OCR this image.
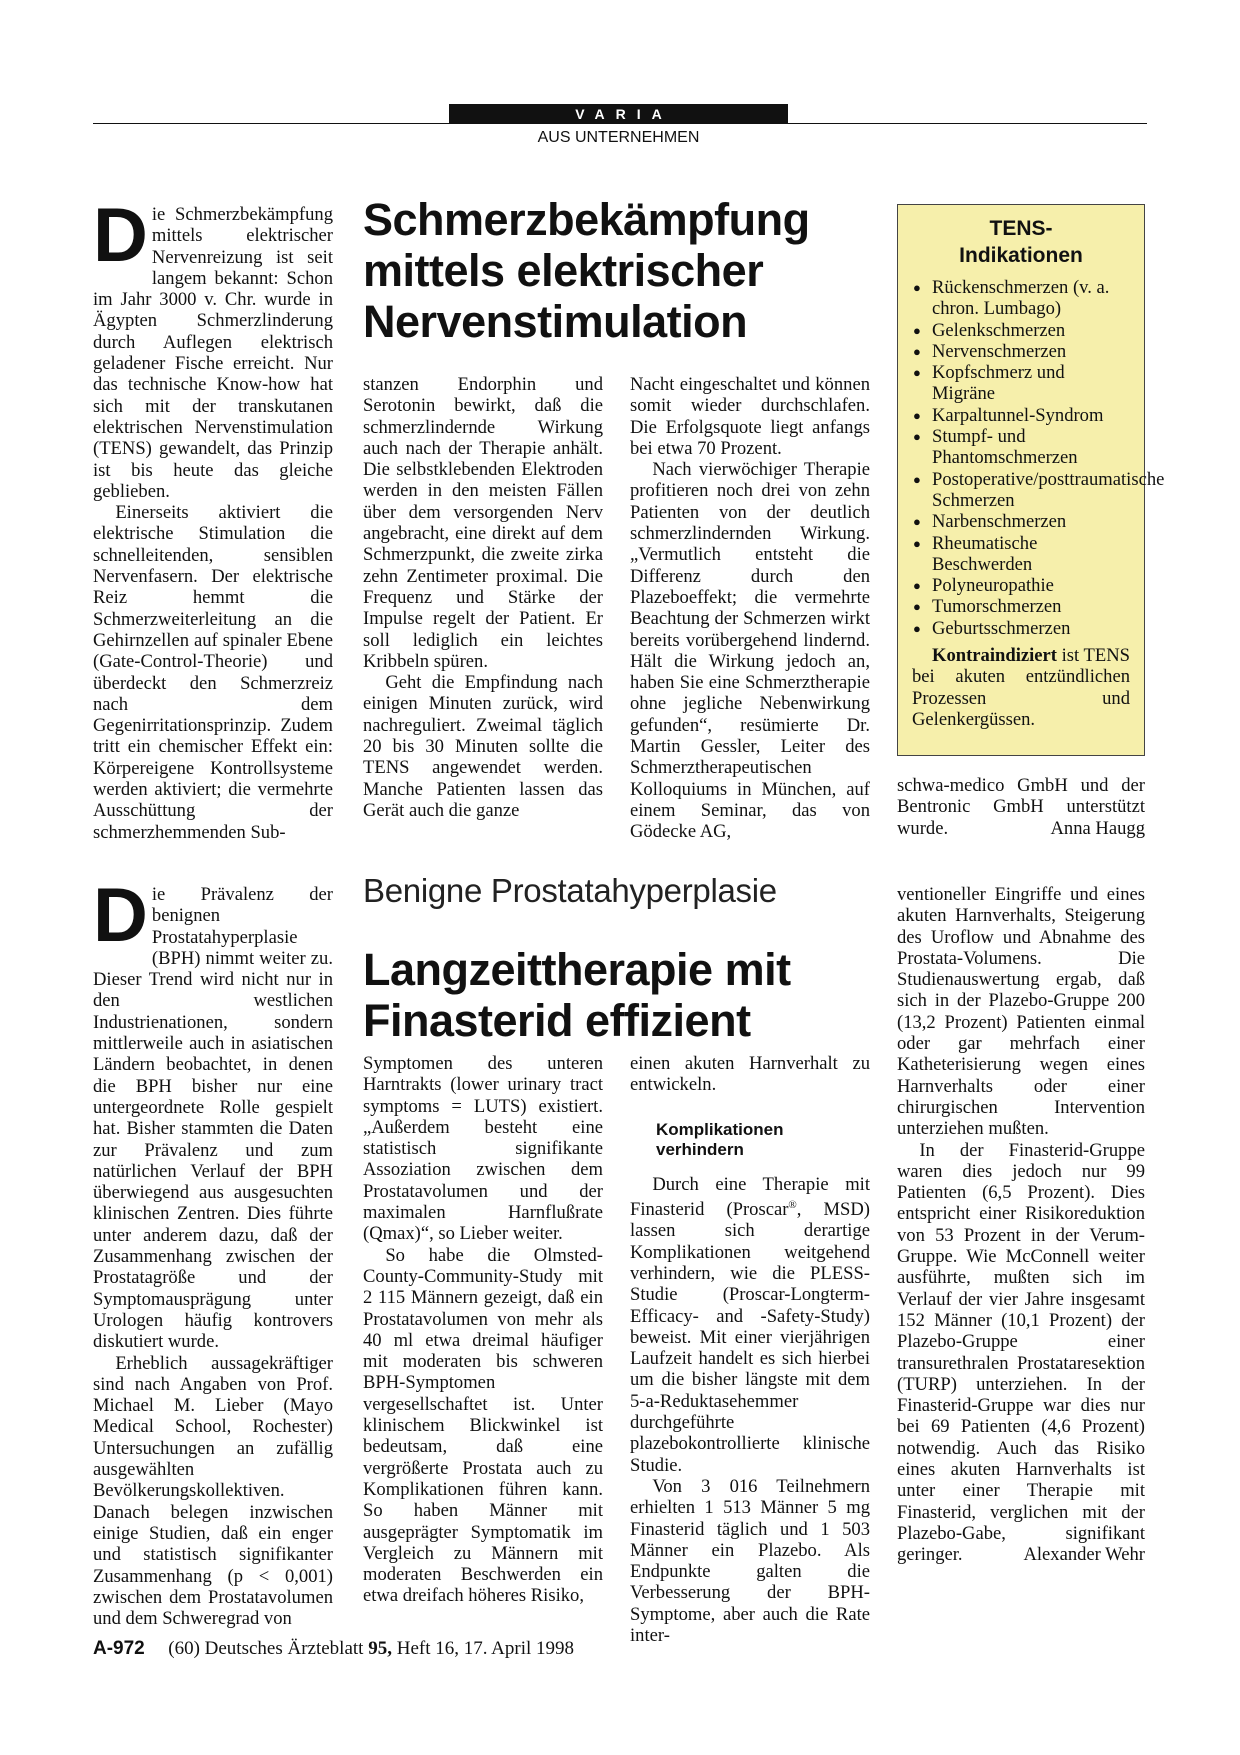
VARIA
AUS UNTERNEHMEN

Die Schmerzbekämpfung mittels elektrischer Nervenreizung ist seit langem bekannt: Schon im Jahr 3000 v. Chr. wurde in Ägypten Schmerzlinderung durch Auflegen elektrisch geladener Fische erreicht. Nur das technische Know-how hat sich mit der transkutanen elektrischen Nervenstimulation (TENS) gewandelt, das Prinzip ist bis heute das gleiche geblieben.

Einerseits aktiviert die elektrische Stimulation die schnelleitenden, sensiblen Nervenfasern. Der elektrische Reiz hemmt die Schmerzweiterleitung an die Gehirnzellen auf spinaler Ebene (Gate-Control-Theorie) und überdeckt den Schmerzreiz nach dem Gegenirritationsprinzip. Zudem tritt ein chemischer Effekt ein: Körpereigene Kontrollsysteme werden aktiviert; die vermehrte Ausschüttung der schmerzhemmenden Sub-

Schmerzbekämpfung
mittels elektrischer
Nervenstimulation

stanzen Endorphin und Serotonin bewirkt, daß die schmerzlindernde Wirkung auch nach der Therapie anhält. Die selbstklebenden Elektroden werden in den meisten Fällen über dem versorgenden Nerv angebracht, eine direkt auf dem Schmerzpunkt, die zweite zirka zehn Zentimeter proximal. Die Frequenz und Stärke der Impulse regelt der Patient. Er soll lediglich ein leichtes Kribbeln spüren.

Geht die Empfindung nach einigen Minuten zurück, wird nachreguliert. Zweimal täglich 20 bis 30 Minuten sollte die TENS angewendet werden. Manche Patienten lassen das Gerät auch die ganze

Nacht eingeschaltet und können somit wieder durchschlafen. Die Erfolgsquote liegt anfangs bei etwa 70 Prozent.

Nach vierwöchiger Therapie profitieren noch drei von zehn Patienten von der deutlich schmerzlindernden Wirkung. „Vermutlich entsteht die Differenz durch den Plazeboeffekt; die vermehrte Beachtung der Schmerzen wirkt bereits vorübergehend lindernd. Hält die Wirkung jedoch an, haben Sie eine Schmerztherapie ohne jegliche Nebenwirkung gefunden“, resümierte Dr. Martin Gessler, Leiter des Schmerztherapeutischen Kolloquiums in München, auf einem Seminar, das von Gödecke AG,

TENS-
Indikationen
● Rückenschmerzen (v. a. chron. Lumbago)
● Gelenkschmerzen
● Nervenschmerzen
● Kopfschmerz und Migräne
● Karpaltunnel-Syndrom
● Stumpf- und Phantomschmerzen
● Postoperative/posttraumatische Schmerzen
● Narbenschmerzen
● Rheumatische Beschwerden
● Polyneuropathie
● Tumorschmerzen
● Geburtsschmerzen
Kontraindiziert ist TENS bei akuten entzündlichen Prozessen und Gelenkergüssen.

schwa-medico GmbH und der Bentronic GmbH unterstützt wurde.	Anna Haugg

Die Prävalenz der benignen Prostatahyperplasie (BPH) nimmt weiter zu. Dieser Trend wird nicht nur in den westlichen Industrienationen, sondern mittlerweile auch in asiatischen Ländern beobachtet, in denen die BPH bisher nur eine untergeordnete Rolle gespielt hat. Bisher stammten die Daten zur Prävalenz und zum natürlichen Verlauf der BPH überwiegend aus ausgesuchten klinischen Zentren. Dies führte unter anderem dazu, daß der Zusammenhang zwischen der Prostatagröße und der Symptomausprägung unter Urologen häufig kontrovers diskutiert wurde.

Erheblich aussagekräftiger sind nach Angaben von Prof. Michael M. Lieber (Mayo Medical School, Rochester) Untersuchungen an zufällig ausgewählten Bevölkerungskollektiven. Danach belegen inzwischen einige Studien, daß ein enger und statistisch signifikanter Zusammenhang (p < 0,001) zwischen dem Prostatavolumen und dem Schweregrad von

Benigne Prostatahyperplasie
Langzeittherapie mit
Finasterid effizient

Symptomen des unteren Harntrakts (lower urinary tract symptoms = LUTS) existiert. „Außerdem besteht eine statistisch signifikante Assoziation zwischen dem Prostatavolumen und der maximalen Harnflußrate (Qmax)“, so Lieber weiter.

So habe die Olmsted-County-Community-Study mit 2 115 Männern gezeigt, daß ein Prostatavolumen von mehr als 40 ml etwa dreimal häufiger mit moderaten bis schweren BPH-Symptomen vergesellschaftet ist. Unter klinischem Blickwinkel ist bedeutsam, daß eine vergrößerte Prostata auch zu Komplikationen führen kann. So haben Männer mit ausgeprägter Symptomatik im Vergleich zu Männern mit moderaten Beschwerden ein etwa dreifach höheres Risiko,

einen akuten Harnverhalt zu entwickeln.

Komplikationen
verhindern

Durch eine Therapie mit Finasterid (Proscar®, MSD) lassen sich derartige Komplikationen weitgehend verhindern, wie die PLESS-Studie (Proscar-Longterm-Efficacy- and -Safety-Study) beweist. Mit einer vierjährigen Laufzeit handelt es sich hierbei um die bisher längste mit dem 5-a-Reduktasehemmer durchgeführte plazebokontrollierte klinische Studie.

Von 3 016 Teilnehmern erhielten 1 513 Männer 5 mg Finasterid täglich und 1 503 Männer ein Plazebo. Als Endpunkte galten die Verbesserung der BPH-Symptome, aber auch die Rate inter-

ventioneller Eingriffe und eines akuten Harnverhalts, Steigerung des Uroflow und Abnahme des Prostata-Volumens. Die Studienauswertung ergab, daß sich in der Plazebo-Gruppe 200 (13,2 Prozent) Patienten einmal oder gar mehrfach einer Katheterisierung wegen eines Harnverhalts oder einer chirurgischen Intervention unterziehen mußten.

In der Finasterid-Gruppe waren dies jedoch nur 99 Patienten (6,5 Prozent). Dies entspricht einer Risikoreduktion von 53 Prozent in der Verum-Gruppe. Wie McConnell weiter ausführte, mußten sich im Verlauf der vier Jahre insgesamt 152 Männer (10,1 Prozent) der Plazebo-Gruppe einer transurethralen Prostataresektion (TURP) unterziehen. In der Finasterid-Gruppe war dies nur bei 69 Patienten (4,6 Prozent) notwendig. Auch das Risiko eines akuten Harnverhalts ist unter einer Therapie mit Finasterid, verglichen mit der Plazebo-Gabe, signifikant geringer.	Alexander Wehr

A-972 (60) Deutsches Ärzteblatt 95, Heft 16, 17. April 1998
